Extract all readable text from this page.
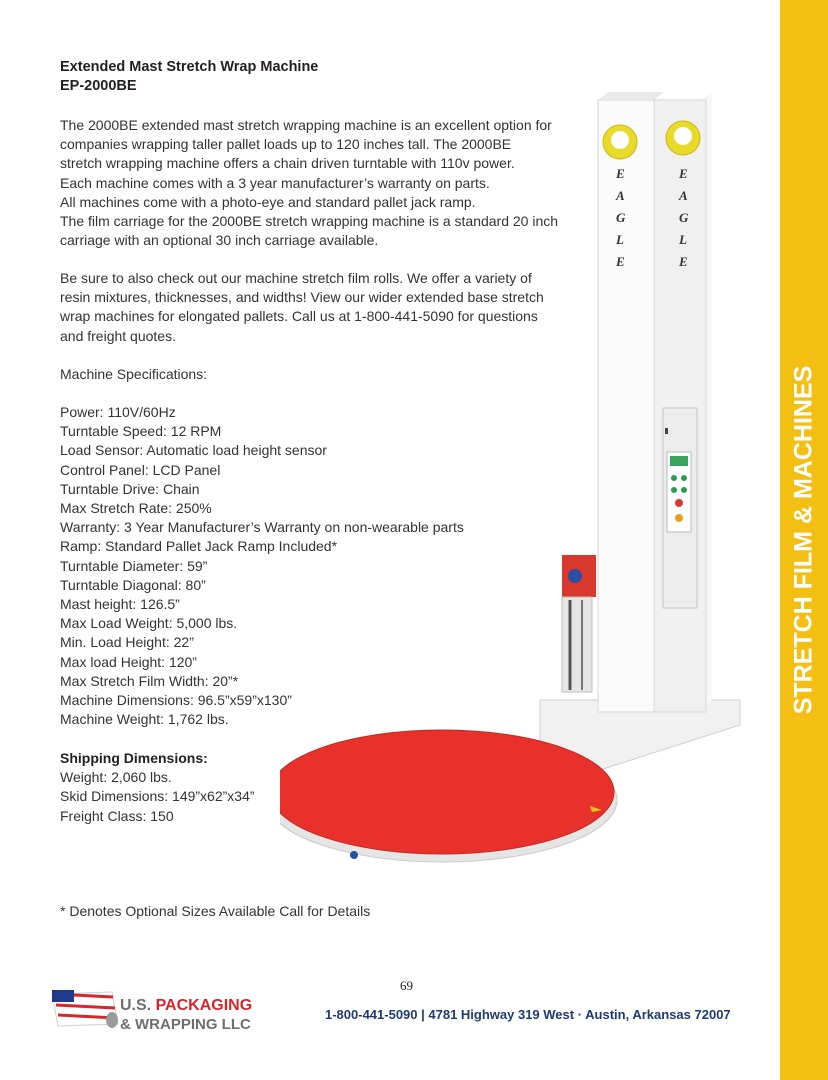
STRETCH FILM & MACHINES
Extended Mast Stretch Wrap Machine
EP-2000BE
The 2000BE extended mast stretch wrapping machine is an excellent option for
companies wrapping taller pallet loads up to 120 inches tall. The 2000BE
stretch wrapping machine offers a chain driven turntable with 110v power.
Each machine comes with a 3 year manufacturer’s warranty on parts.
All machines come with a photo-eye and standard pallet jack ramp.
The film carriage for the 2000BE stretch wrapping machine is a standard 20 inch
carriage with an optional 30 inch carriage available.
Be sure to also check out our machine stretch film rolls. We offer a variety of
resin mixtures, thicknesses, and widths! View our wider extended base stretch
wrap machines for elongated pallets. Call us at 1-800-441-5090 for questions
and freight quotes.
Machine Specifications:
Power: 110V/60Hz
Turntable Speed: 12 RPM
Load Sensor: Automatic load height sensor
Control Panel: LCD Panel
Turntable Drive: Chain
Max Stretch Rate: 250%
Warranty: 3 Year Manufacturer’s Warranty on non-wearable parts
Ramp: Standard Pallet Jack Ramp Included*
Turntable Diameter: 59”
Turntable Diagonal: 80”
Mast height: 126.5”
Max Load Weight: 5,000 lbs.
Min. Load Height: 22”
Max load Height: 120”
Max Stretch Film Width: 20”*
Machine Dimensions: 96.5”x59”x130”
Machine Weight: 1,762 lbs.
Shipping Dimensions:
Weight: 2,060 lbs.
Skid Dimensions: 149”x62”x34”
Freight Class: 150
* Denotes Optional Sizes Available Call for Details
E
A
G
L
E
E
A
G
L
E
69
U.S. PACKAGING
& WRAPPING LLC
1-800-441-5090 | 4781 Highway 319 West · Austin, Arkansas 72007
